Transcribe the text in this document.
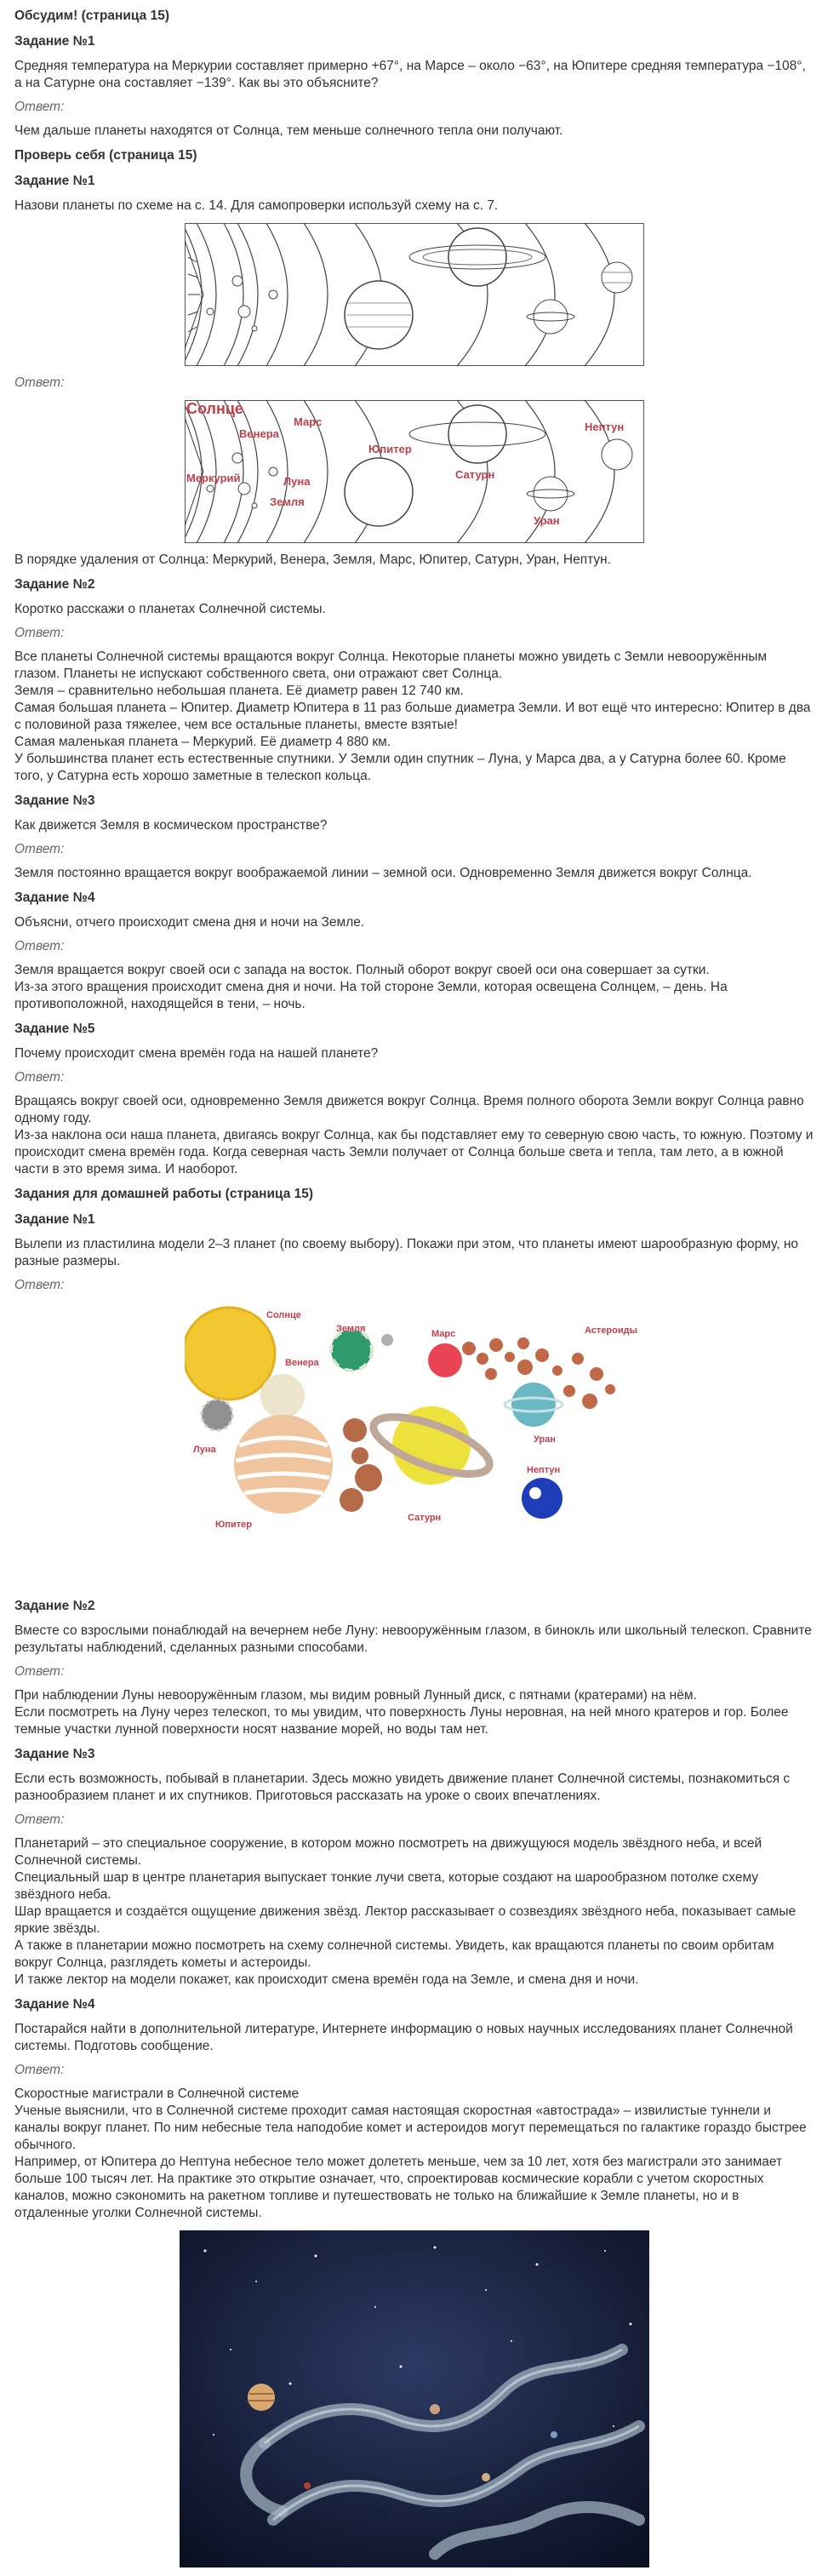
Обсудим! (страница 15)

Задание №1

Средняя температура на Меркурии составляет примерно +67°, на Марсе – около −63°, на Юпитере средняя температура −108°, а на Сатурне она составляет −139°. Как вы это объясните?

Ответ:

Чем дальше планеты находятся от Солнца, тем меньше солнечного тепла они получают.

Проверь себя (страница 15)

Задание №1

Назови планеты по схеме на с. 14. Для самопроверки используй схему на с. 7.

Ответ:

Солнце
Венера
Марс	Нептун
Юпитер
Меркурий	Луна
Земля
Сатурн
Уран

В порядке удаления от Солнца: Меркурий, Венера, Земля, Марс, Юпитер, Сатурн, Уран, Нептун.

Задание №2

Коротко расскажи о планетах Солнечной системы.

Ответ:

Все планеты Солнечной системы вращаются вокруг Солнца. Некоторые планеты можно увидеть с Земли невооружённым глазом. Планеты не испускают собственного света, они отражают свет Солнца.

Земля – сравнительно небольшая планета. Её диаметр равен 12 740 км.

Самая большая планета – Юпитер. Диаметр Юпитера в 11 раз больше диаметра Земли. И вот ещё что интересно: Юпитер в два с половиной раза тяжелее, чем все остальные планеты, вместе взятые!

Самая маленькая планета – Меркурий. Её диаметр 4 880 км.

У большинства планет есть естественные спутники. У Земли один спутник – Луна, у Марса два, а у Сатурна более 60. Кроме того, у Сатурна есть хорошо заметные в телескоп кольца.

Задание №3

Как движется Земля в космическом пространстве?

Ответ:

Земля постоянно вращается вокруг воображаемой линии – земной оси. Одновременно Земля движется вокруг Солнца.

Задание №4

Объясни, отчего происходит смена дня и ночи на Земле.

Ответ:

Земля вращается вокруг своей оси с запада на восток. Полный оборот вокруг своей оси она совершает за сутки.

Из-за этого вращения происходит смена дня и ночи. На той стороне Земли, которая освещена Солнцем, – день. На противоположной, находящейся в тени, – ночь.

Задание №5

Почему происходит смена времён года на нашей планете?

Ответ:

Вращаясь вокруг своей оси, одновременно Земля движется вокруг Солнца. Время полного оборота Земли вокруг Солнца равно одному году.

Из-за наклона оси наша планета, двигаясь вокруг Солнца, как бы подставляет ему то северную свою часть, то южную. Поэтому и происходит смена времён года. Когда северная часть Земли получает от Солнца больше света и тепла, там лето, а в южной части в это время зима. И наоборот.

Задания для домашней работы (страница 15)

Задание №1

Вылепи из пластилина модели 2–3 планет (по своему выбору). Покажи при этом, что планеты имеют шарообразную форму, но разные размеры.

Ответ:

Солнце
Венера
Земля	Марс	Астероиды
Луна
Уран
Юпитер
Сатурн
Нептун

Задание №2

Вместе со взрослыми понаблюдай на вечернем небе Луну: невооружённым глазом, в бинокль или школьный телескоп. Сравните результаты наблюдений, сделанных разными способами.

Ответ:

При наблюдении Луны невооружённым глазом, мы видим ровный Лунный диск, с пятнами (кратерами) на нём.

Если посмотреть на Луну через телескоп, то мы увидим, что поверхность Луны неровная, на ней много кратеров и гор. Более темные участки лунной поверхности носят название морей, но воды там нет.

Задание №3

Если есть возможность, побывай в планетарии. Здесь можно увидеть движение планет Солнечной системы, познакомиться с разнообразием планет и их спутников. Приготовься рассказать на уроке о своих впечатлениях.

Ответ:

Планетарий – это специальное сооружение, в котором можно посмотреть на движущуюся модель звёздного неба, и всей Солнечной системы.

Специальный шар в центре планетария выпускает тонкие лучи света, которые создают на шарообразном потолке схему звёздного неба.

Шар вращается и создаётся ощущение движения звёзд. Лектор рассказывает о созвездиях звёздного неба, показывает самые яркие звёзды.

А также в планетарии можно посмотреть на схему солнечной системы. Увидеть, как вращаются планеты по своим орбитам вокруг Солнца, разглядеть кометы и астероиды.

И также лектор на модели покажет, как происходит смена времён года на Земле, и смена дня и ночи.

Задание №4

Постарайся найти в дополнительной литературе, Интернете информацию о новых научных исследованиях планет Солнечной системы. Подготовь сообщение.

Ответ:

Скоростные магистрали в Солнечной системе

Ученые выяснили, что в Солнечной системе проходит самая настоящая скоростная «автострада» – извилистые туннели и каналы вокруг планет. По ним небесные тела наподобие комет и астероидов могут перемещаться по галактике гораздо быстрее обычного.

Например, от Юпитера до Нептуна небесное тело может долететь меньше, чем за 10 лет, хотя без магистрали это занимает больше 100 тысяч лет. На практике это открытие означает, что, спроектировав космические корабли с учетом скоростных каналов, можно сэкономить на ракетном топливе и путешествовать не только на ближайшие к Земле планеты, но и в отдаленные уголки Солнечной системы.
